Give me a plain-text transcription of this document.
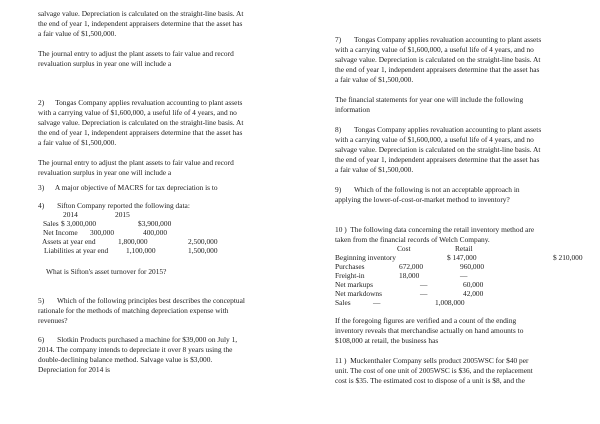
salvage value. Depreciation is calculated on the straight-line basis. At
the end of year 1, independent appraisers determine that the asset has
a fair value of $1,500,000.
The journal entry to adjust the plant assets to fair value and record
revaluation surplus in year one will include a
2)      Tongas Company applies revaluation accounting to plant assets
with a carrying value of $1,600,000, a useful life of 4 years, and no
salvage value. Depreciation is calculated on the straight-line basis. At
the end of year 1, independent appraisers determine that the asset has
a fair value of $1,500,000.
The journal entry to adjust the plant assets to fair value and record
revaluation surplus in year one will include a
3)      A major objective of MACRS for tax depreciation is to
4)       Sifton Company reported the following data:
2014	2015
Sales $ 3,000,000	$3,900,000
Net Income 300,000	400,000
Assets at year end	1,800,000	2,500,000
Liabilities at year end 1,100,000	1,500,000
What is Sifton's asset turnover for 2015?
5)       Which of the following principles best describes the conceptual
rationale for the methods of matching depreciation expense with
revenues?
6)       Slotkin Products purchased a machine for $39,000 on July 1,
2014. The company intends to depreciate it over 8 years using the
double-declining balance method. Salvage value is $3,000.
Depreciation for 2014 is
7)       Tongas Company applies revaluation accounting to plant assets
with a carrying value of $1,600,000, a useful life of 4 years, and no
salvage value. Depreciation is calculated on the straight-line basis. At
the end of year 1, independent appraisers determine that the asset has
a fair value of $1,500,000.
The financial statements for year one will include the following
information
8)       Tongas Company applies revaluation accounting to plant assets
with a carrying value of $1,600,000, a useful life of 4 years, and no
salvage value. Depreciation is calculated on the straight-line basis. At
the end of year 1, independent appraisers determine that the asset has
a fair value of $1,500,000.
9)       Which of the following is not an acceptable approach in
applying the lower-of-cost-or-market method to inventory?
10 )  The following data concerning the retail inventory method are
taken from the financial records of Welch Company.
Cost	Retail
Beginning inventory	$ 147,000	$ 210,000
Purchases	672,000	960,000
Freight-in	18,000	—
Net markups	—	60,000
Net markdowns	—	42,000
Sales	—	1,008,000
If the foregoing figures are verified and a count of the ending
inventory reveals that merchandise actually on hand amounts to
$108,000 at retail, the business has
11 )  Muckenthaler Company sells product 2005WSC for $40 per
unit. The cost of one unit of 2005WSC is $36, and the replacement
cost is $35. The estimated cost to dispose of a unit is $8, and the
